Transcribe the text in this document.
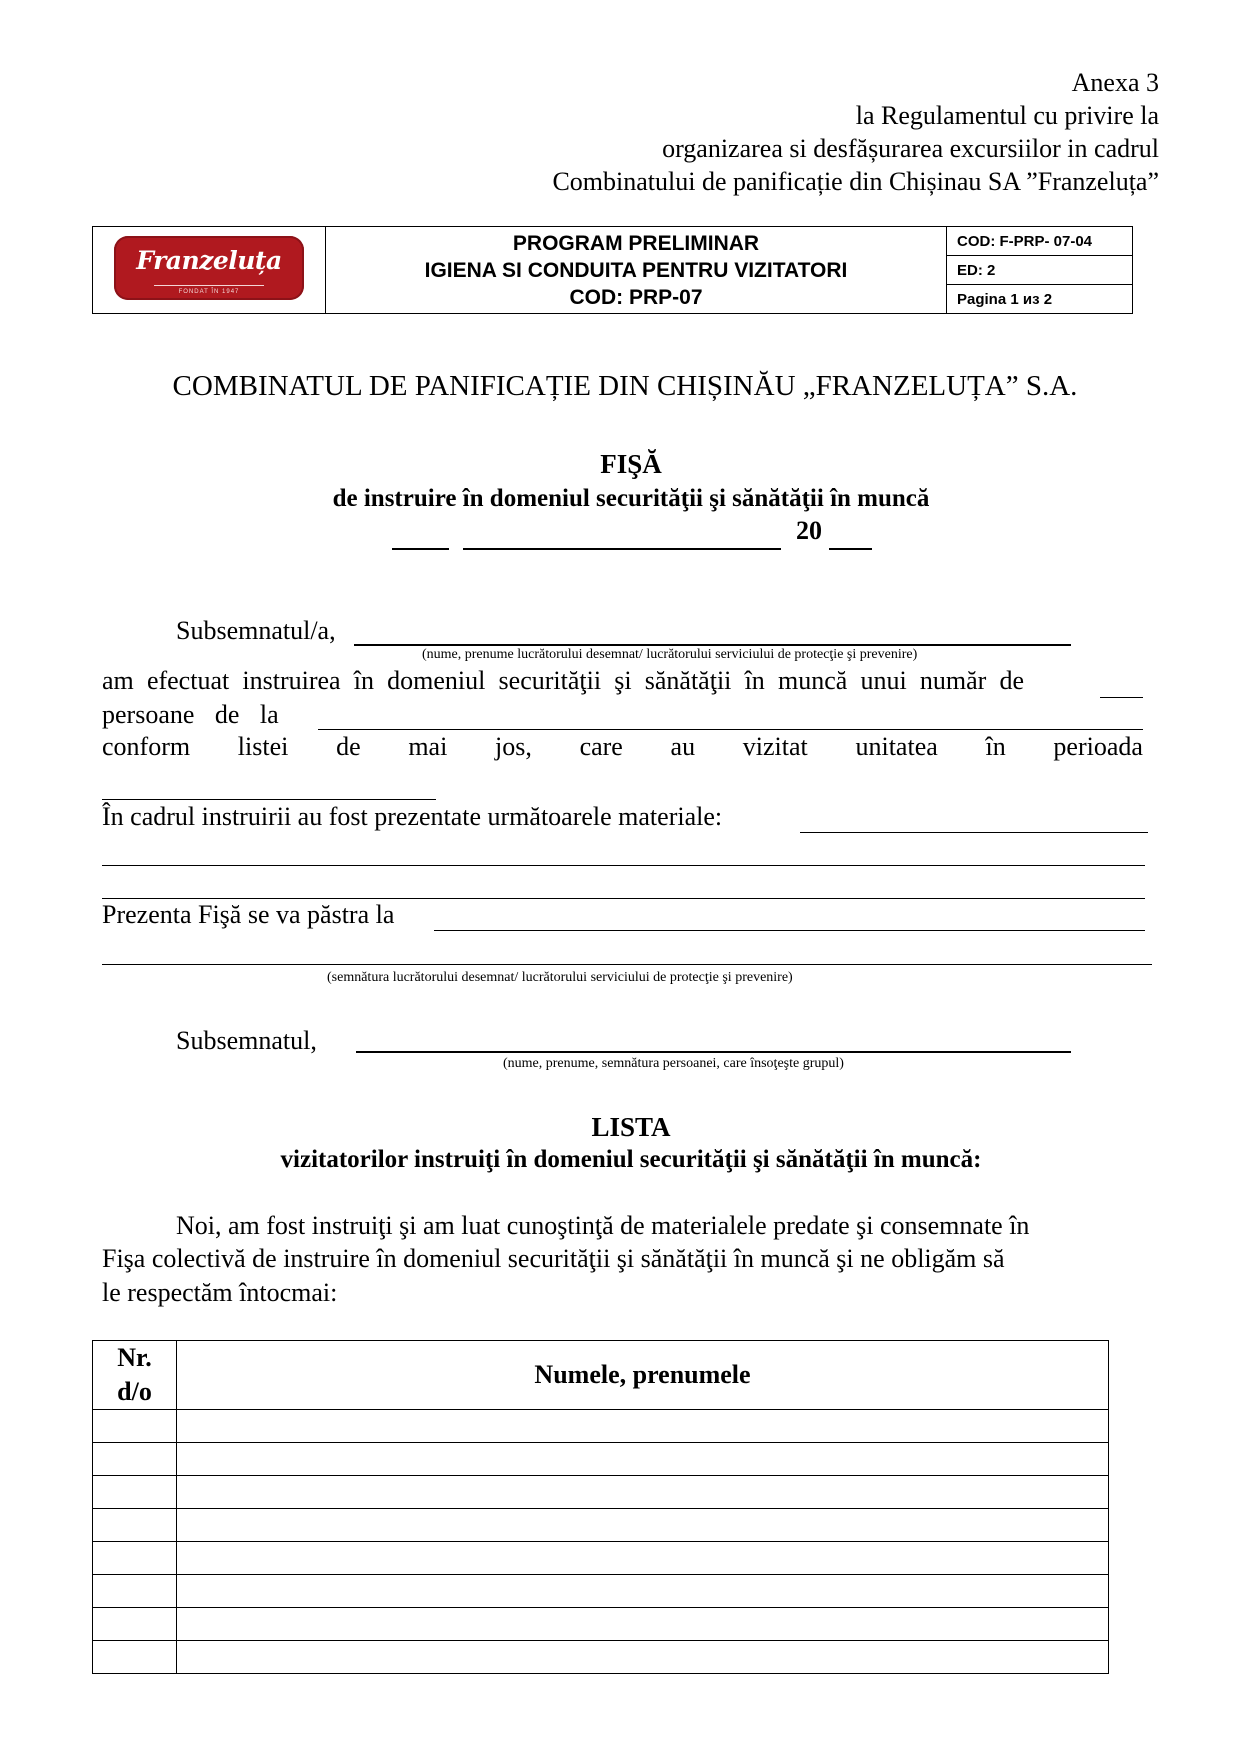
Anexa 3
la Regulamentul cu privire la
organizarea si desfășurarea excursiilor in cadrul
Combinatului de panificație din Chișinau SA ”Franzeluța”
Franzeluța
FONDAT ÎN 1947

PROGRAM PRELIMINAR
IGIENA SI CONDUITA PENTRU VIZITATORI
COD: PRP-07
	COD: F-PRP- 07-04
ED: 2
Pagina 1 из 2
COMBINATUL DE PANIFICAȚIE DIN CHIȘINĂU „FRANZELUȚA” S.A.
FIŞĂ
de instruire în domeniul securităţii şi sănătăţii în muncă
20
Subsemnatul/a,
(nume, prenume lucrătorului desemnat/ lucrătorului serviciului de protecţie şi prevenire)
am efectuat instruirea în domeniul securităţii şi sănătăţii în muncă unui număr de
persoane de la
conform listei de mai jos, care au vizitat unitatea în perioada
În cadrul instruirii au fost prezentate următoarele materiale:
Prezenta Fişă se va păstra la
(semnătura lucrătorului desemnat/ lucrătorului serviciului de protecţie şi prevenire)
Subsemnatul,
(nume, prenume, semnătura persoanei, care însoţeşte grupul)
LISTA
vizitatorilor instruiţi în domeniul securităţii şi sănătăţii în muncă:
Noi, am fost instruiţi şi am luat cunoştinţă de materialele predate şi consemnate în
Fişa colectivă de instruire în domeniul securităţii şi sănătăţii în muncă şi ne obligăm să
le respectăm întocmai:
Nr.
d/o	Numele, prenumele
